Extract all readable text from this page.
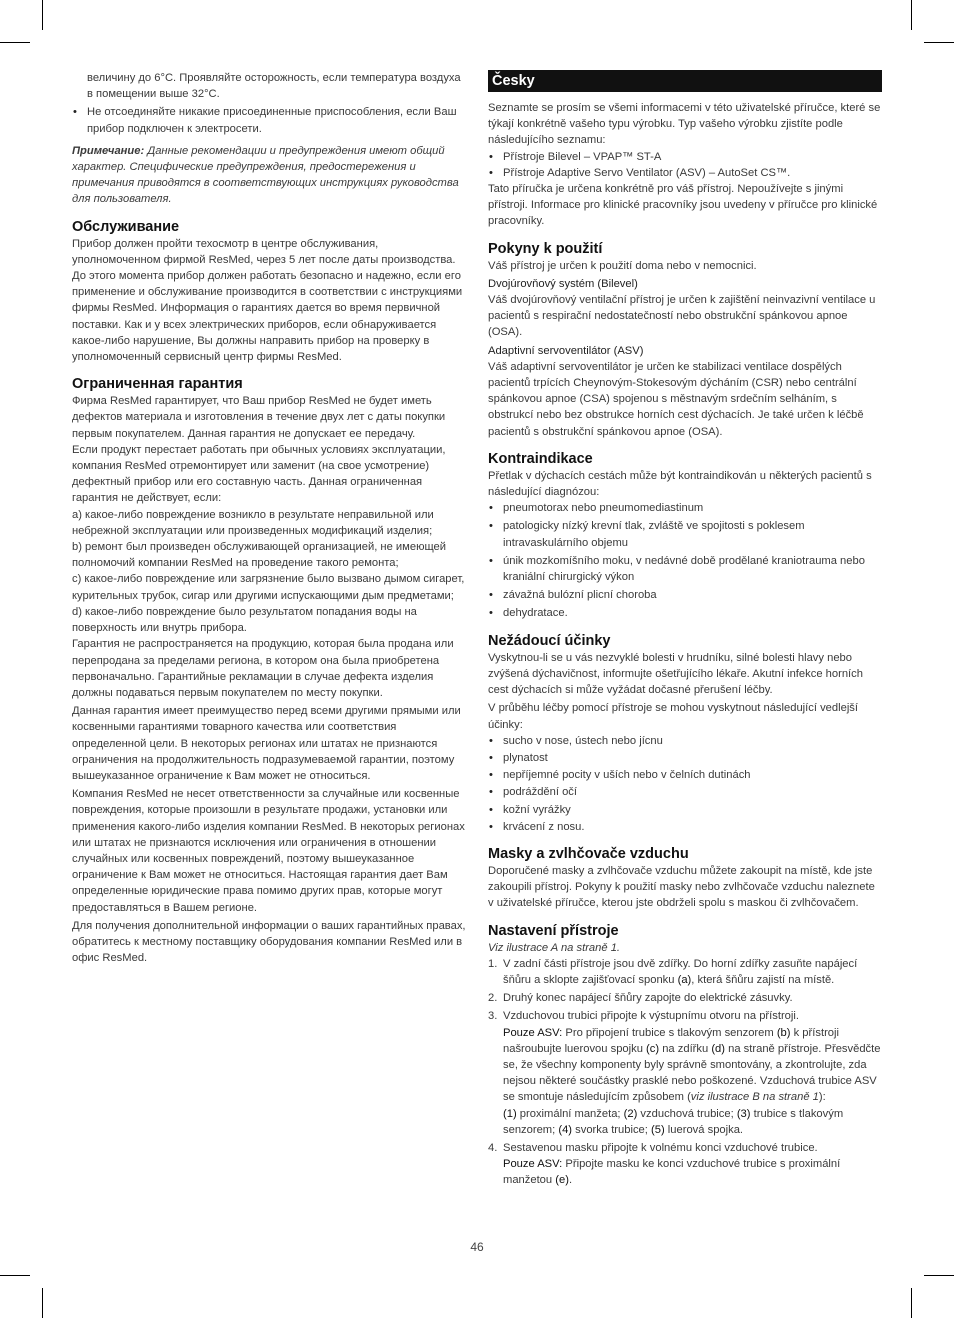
величину до 6°С. Проявляйте осторожность, если температура воздуха в помещении выше 32°С.

• Не отсоединяйте никакие присоединенные приспособления, если Ваш прибор подключен к электросети.

Примечание: Данные рекомендации и предупреждения имеют общий характер. Специфические предупреждения, предостережения и примечания приводятся в соответствующих инструкциях руководства для пользователя.

Обслуживание

Прибор должен пройти техосмотр в центре обслуживания, уполномоченном фирмой ResMed, через 5 лет после даты производства. До этого момента прибор должен работать безопасно и надежно, если его применение и обслуживание производится в соответствии с инструкциями фирмы ResMed. Информация о гарантиях дается во время первичной поставки. Как и у всех электрических приборов, если обнаруживается какое-либо нарушение, Вы должны направить прибор на проверку в уполномоченный сервисный центр фирмы ResMed.

Ограниченная гарантия

Фирма ResMed гарантирует, что Ваш прибор ResMed не будет иметь дефектов материала и изготовления в течение двух лет с даты покупки первым покупателем. Данная гарантия не допускает ее передачу.

Если продукт перестает работать при обычных условиях эксплуатации, компания ResMed отремонтирует или заменит (на свое усмотрение) дефектный прибор или его составную часть. Данная ограниченная гарантия не действует, если:

a) какое-либо повреждение возникло в результате неправильной или небрежной эксплуатации или произведенных модификаций изделия;

b) ремонт был произведен обслуживающей организацией, не имеющей полномочий компании ResMed на проведение такого ремонта;

c) какое-либо повреждение или загрязнение было вызвано дымом сигарет, курительных трубок, сигар или другими испускающими дым предметами;

d) какое-либо повреждение было результатом попадания воды на поверхность или внутрь прибора.

Гарантия не распространяется на продукцию, которая была продана или перепродана за пределами региона, в котором она была приобретена первоначально. Гарантийные рекламации в случае дефекта изделия должны подаваться первым покупателем по месту покупки.

Данная гарантия имеет преимущество перед всеми другими прямыми или косвенными гарантиями товарного качества или соответствия определенной цели. В некоторых регионах или штатах не признаются ограничения на продолжительность подразумеваемой гарантии, поэтому вышеуказанное ограничение к Вам может не относиться.

Компания ResMed не несет ответственности за случайные или косвенные повреждения, которые произошли в результате продажи, установки или применения какого-либо изделия компании ResMed. В некоторых регионах или штатах не признаются исключения или ограничения в отношении случайных или косвенных повреждений, поэтому вышеуказанное ограничение к Вам может не относиться. Настоящая гарантия дает Вам определенные юридические права помимо других прав, которые могут предоставляться в Вашем регионе.

Для получения дополнительной информации о ваших гарантийных правах, обратитесь к местному поставщику оборудования компании ResMed или в офис ResMed.

Česky

Seznamte se prosím se všemi informacemi v této uživatelské příručce, které se týkají konkrétně vašeho typu výrobku. Typ vašeho výrobku zjistíte podle následujícího seznamu:

• Přístroje Bilevel – VPAP™ ST-A
• Přístroje Adaptive Servo Ventilator (ASV) – AutoSet CS™.

Tato příručka je určena konkrétně pro váš přístroj. Nepoužívejte s jinými přístroji. Informace pro klinické pracovníky jsou uvedeny v příručce pro klinické pracovníky.

Pokyny k použití

Váš přístroj je určen k použití doma nebo v nemocnici.

Dvojúrovňový systém (Bilevel)

Váš dvojúrovňový ventilační přístroj je určen k zajištění neinvazivní ventilace u pacientů s respirační nedostatečností nebo obstrukční spánkovou apnoe (OSA).

Adaptivní servoventilátor (ASV)

Váš adaptivní servoventilátor je určen ke stabilizaci ventilace dospělých pacientů trpících Cheynovým-Stokesovým dýcháním (CSR) nebo centrální spánkovou apnoe (CSA) spojenou s městnavým srdečním selháním, s obstrukcí nebo bez obstrukce horních cest dýchacích. Je také určen k léčbě pacientů s obstrukční spánkovou apnoe (OSA).

Kontraindikace

Přetlak v dýchacích cestách může být kontraindikován u některých pacientů s následující diagnózou:

• pneumotorax nebo pneumomediastinum
• patologicky nízký krevní tlak, zvláště ve spojitosti s poklesem intravaskulárního objemu
• únik mozkomíšního moku, v nedávné době prodělané kraniotrauma nebo kraniální chirurgický výkon
• závažná bulózní plicní choroba
• dehydratace.
Nežádoucí účinky

Vyskytnou-li se u vás nezvyklé bolesti v hrudníku, silné bolesti hlavy nebo zvýšená dýchavičnost, informujte ošetřujícího lékaře. Akutní infekce horních cest dýchacích si může vyžádat dočasné přerušení léčby.

V průběhu léčby pomocí přístroje se mohou vyskytnout následující vedlejší účinky:

• sucho v nose, ústech nebo jícnu
• plynatost
• nepříjemné pocity v uších nebo v čelních dutinách
• podráždění očí
• kožní vyrážky
• krvácení z nosu.
Masky a zvlhčovače vzduchu

Doporučené masky a zvlhčovače vzduchu můžete zakoupit na místě, kde jste zakoupili přístroj. Pokyny k použití masky nebo zvlhčovače vzduchu naleznete v uživatelské příručce, kterou jste obdrželi spolu s maskou či zvlhčovačem.

Nastavení přístroje

Viz ilustrace A na straně 1.

1. V zadní části přístroje jsou dvě zdířky. Do horní zdířky zasuňte napájecí šňůru a sklopte zajišťovací sponku (a), která šňůru zajistí na místě.
2. Druhý konec napájecí šňůry zapojte do elektrické zásuvky.
3. Vzduchovou trubici připojte k výstupnímu otvoru na přístroji.
Pouze ASV: Pro připojení trubice s tlakovým senzorem (b) k přístroji našroubujte luerovou spojku (c) na zdířku (d) na straně přístroje. Přesvědčte se, že všechny komponenty byly správně smontovány, a zkontrolujte, zda nejsou některé součástky prasklé nebo poškozené. Vzduchová trubice ASV se smontuje následujícím způsobem (viz ilustrace B na straně 1):
(1) proximální manžeta; (2) vzduchová trubice; (3) trubice s tlakovým senzorem; (4) svorka trubice; (5) luerová spojka.
4. Sestavenou masku připojte k volnému konci vzduchové trubice.
Pouze ASV: Připojte masku ke konci vzduchové trubice s proximální manžetou (e).
46
